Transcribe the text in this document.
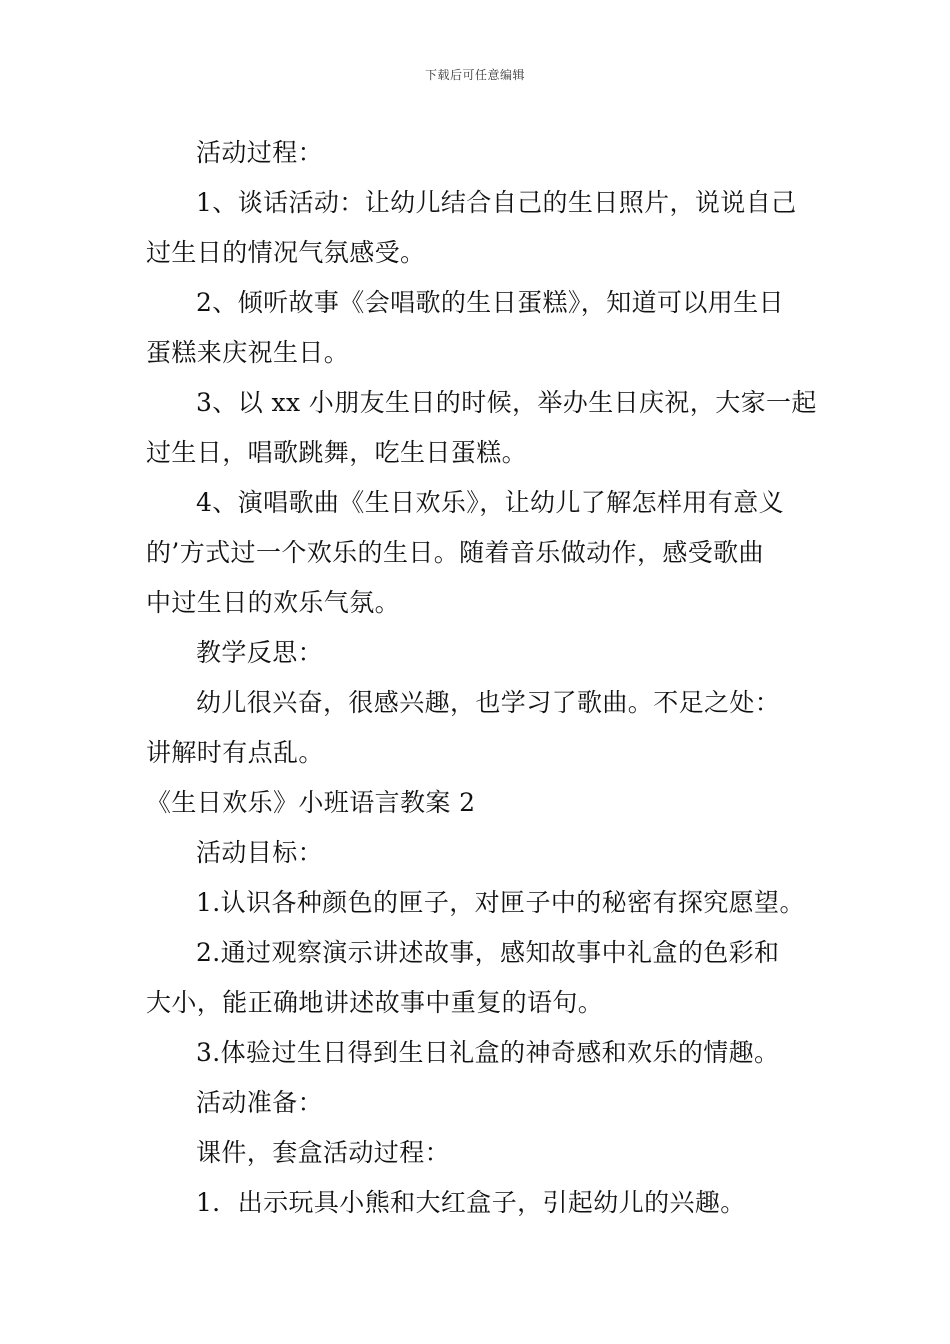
下载后可任意编辑
活动过程：
1、谈话活动：让幼儿结合自己的生日照片，说说自己
过生日的情况气氛感受。
2、倾听故事《会唱歌的生日蛋糕》，知道可以用生日
蛋糕来庆祝生日。
3、以 xx 小朋友生日的时候，举办生日庆祝，大家一起
过生日，唱歌跳舞，吃生日蛋糕。
4、演唱歌曲《生日欢乐》，让幼儿了解怎样用有意义
的’方式过一个欢乐的生日。随着音乐做动作，感受歌曲
中过生日的欢乐气氛。
教学反思：
幼儿很兴奋，很感兴趣，也学习了歌曲。不足之处：
讲解时有点乱。
《生日欢乐》小班语言教案 2
活动目标：
1.认识各种颜色的匣子，对匣子中的秘密有探究愿望。
2.通过观察演示讲述故事，感知故事中礼盒的色彩和
大小，能正确地讲述故事中重复的语句。
3.体验过生日得到生日礼盒的神奇感和欢乐的情趣。
活动准备：
课件，套盒活动过程：
1．出示玩具小熊和大红盒子，引起幼儿的兴趣。
